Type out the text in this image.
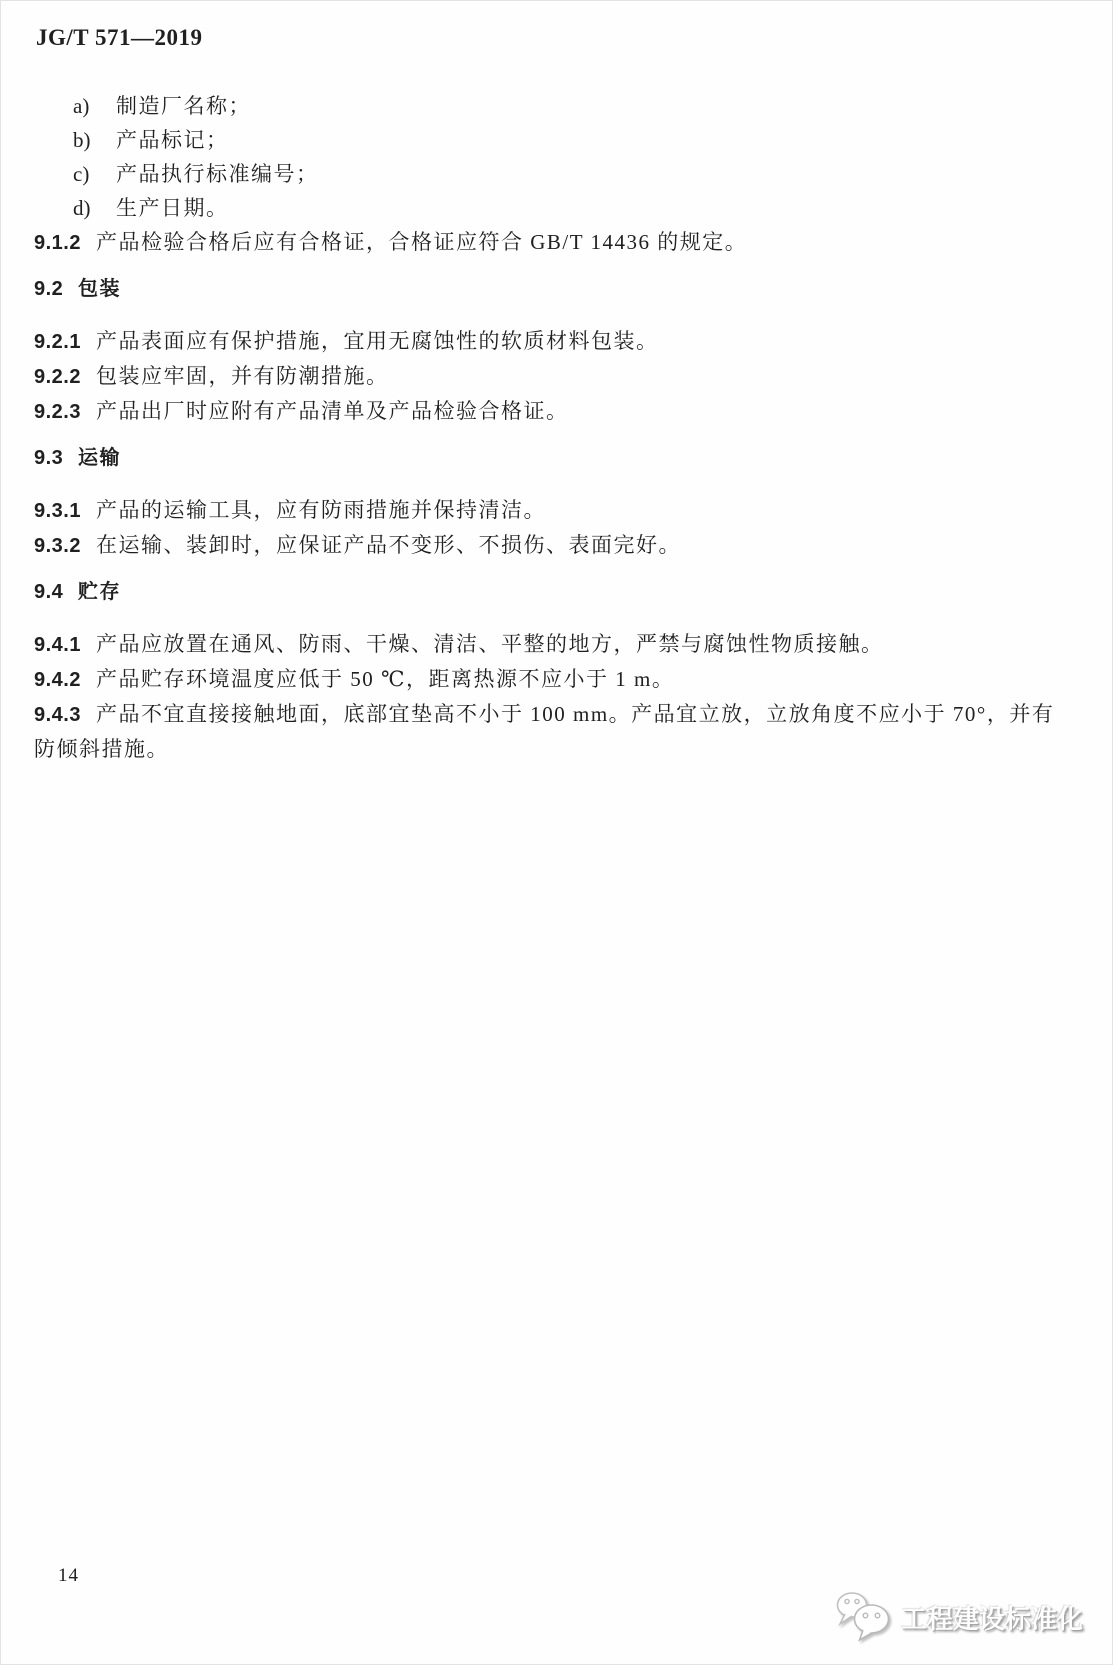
JG/T 571—2019
a) 制造厂名称；
b) 产品标记；
c) 产品执行标准编号；
d) 生产日期。

9.1.2 产品检验合格后应有合格证，合格证应符合 GB/T 14436 的规定。

9.2 包装

9.2.1 产品表面应有保护措施，宜用无腐蚀性的软质材料包装。

9.2.2 包装应牢固，并有防潮措施。

9.2.3 产品出厂时应附有产品清单及产品检验合格证。

9.3 运输

9.3.1 产品的运输工具，应有防雨措施并保持清洁。

9.3.2 在运输、装卸时，应保证产品不变形、不损伤、表面完好。

9.4 贮存

9.4.1 产品应放置在通风、防雨、干燥、清洁、平整的地方，严禁与腐蚀性物质接触。

9.4.2 产品贮存环境温度应低于 50 ℃，距离热源不应小于 1 m。

9.4.3 产品不宜直接接触地面，底部宜垫高不小于 100 mm。产品宜立放，立放角度不应小于 70°，并有
防倾斜措施。

14
工程建设标准化
